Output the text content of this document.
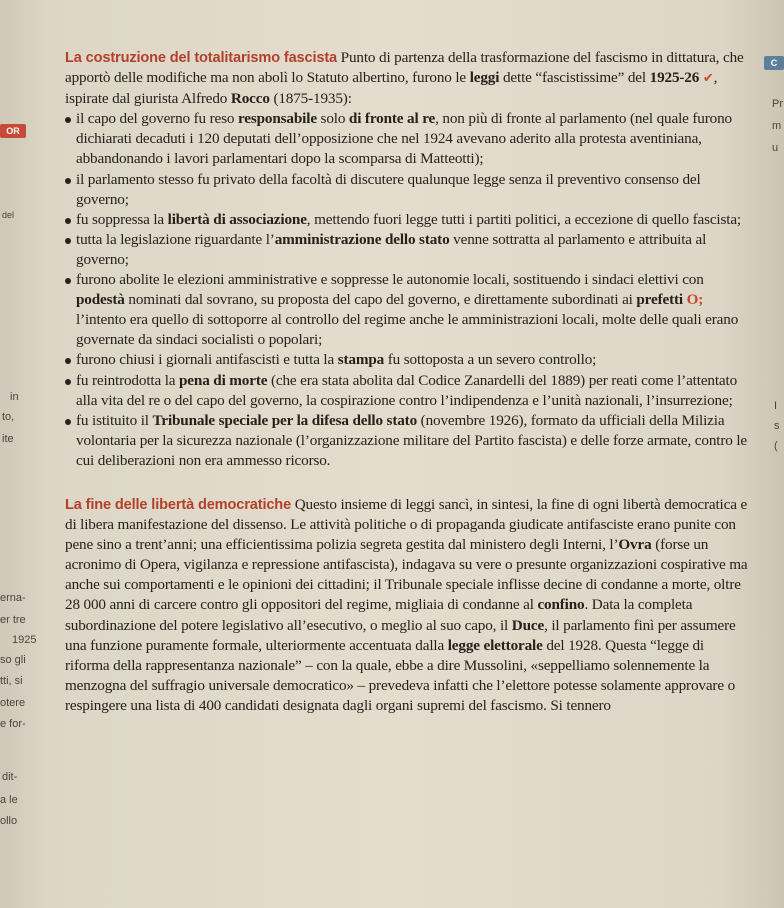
OR
del
in
to,
ite
erna-
er tre
1925
so gli
tti, si
otere
e for-
dit-
a le
ollo
C
Pr
m
u
I
s
(

La costruzione del totalitarismo fascista Punto di partenza della trasformazione del fascismo in dittatura, che apportò delle modifiche ma non abolì lo Statuto albertino, furono le leggi dette “fascistissime” del 1925-26 ✔, ispirate dal giurista Alfredo Rocco (1875-1935):

il capo del governo fu reso responsabile solo di fronte al re, non più di fronte al parlamento (nel quale furono dichiarati decaduti i 120 deputati dell’opposizione che nel 1924 avevano aderito alla protesta aventiniana, abbandonando i lavori parlamentari dopo la scomparsa di Matteotti);
il parlamento stesso fu privato della facoltà di discutere qualunque legge senza il preventivo consenso del governo;
fu soppressa la libertà di associazione, mettendo fuori legge tutti i partiti politici, a eccezione di quello fascista;
tutta la legislazione riguardante l’amministrazione dello stato venne sottratta al parlamento e attribuita al governo;
furono abolite le elezioni amministrative e soppresse le autonomie locali, sostituendo i sindaci elettivi con podestà nominati dal sovrano, su proposta del capo del governo, e direttamente subordinati ai prefetti O; l’intento era quello di sottoporre al controllo del regime anche le amministrazioni locali, molte delle quali erano governate da sindaci socialisti o popolari;
furono chiusi i giornali antifascisti e tutta la stampa fu sottoposta a un severo controllo;
fu reintrodotta la pena di morte (che era stata abolita dal Codice Zanardelli del 1889) per reati come l’attentato alla vita del re o del capo del governo, la cospirazione contro l’indipendenza e l’unità nazionali, l’insurrezione;
fu istituito il Tribunale speciale per la difesa dello stato (novembre 1926), formato da ufficiali della Milizia volontaria per la sicurezza nazionale (l’organizzazione militare del Partito fascista) e delle forze armate, contro le cui deliberazioni non era ammesso ricorso.

La fine delle libertà democratiche Questo insieme di leggi sancì, in sintesi, la fine di ogni libertà democratica e di libera manifestazione del dissenso. Le attività politiche o di propaganda giudicate antifasciste erano punite con pene sino a trent’anni; una efficientissima polizia segreta gestita dal ministero degli Interni, l’Ovra (forse un acronimo di Opera, vigilanza e repressione antifascista), indagava su vere o presunte organizzazioni cospirative ma anche sui comportamenti e le opinioni dei cittadini; il Tribunale speciale inflisse decine di condanne a morte, oltre 28 000 anni di carcere contro gli oppositori del regime, migliaia di condanne al confino. Data la completa subordinazione del potere legislativo all’esecutivo, o meglio al suo capo, il Duce, il parlamento finì per assumere una funzione puramente formale, ulteriormente accentuata dalla legge elettorale del 1928. Questa “legge di riforma della rappresentanza nazionale” – con la quale, ebbe a dire Mussolini, «seppelliamo solennemente la menzogna del suffragio universale democratico» – prevedeva infatti che l’elettore potesse solamente approvare o respingere una lista di 400 candidati designata dagli organi supremi del fascismo. Si tennero
